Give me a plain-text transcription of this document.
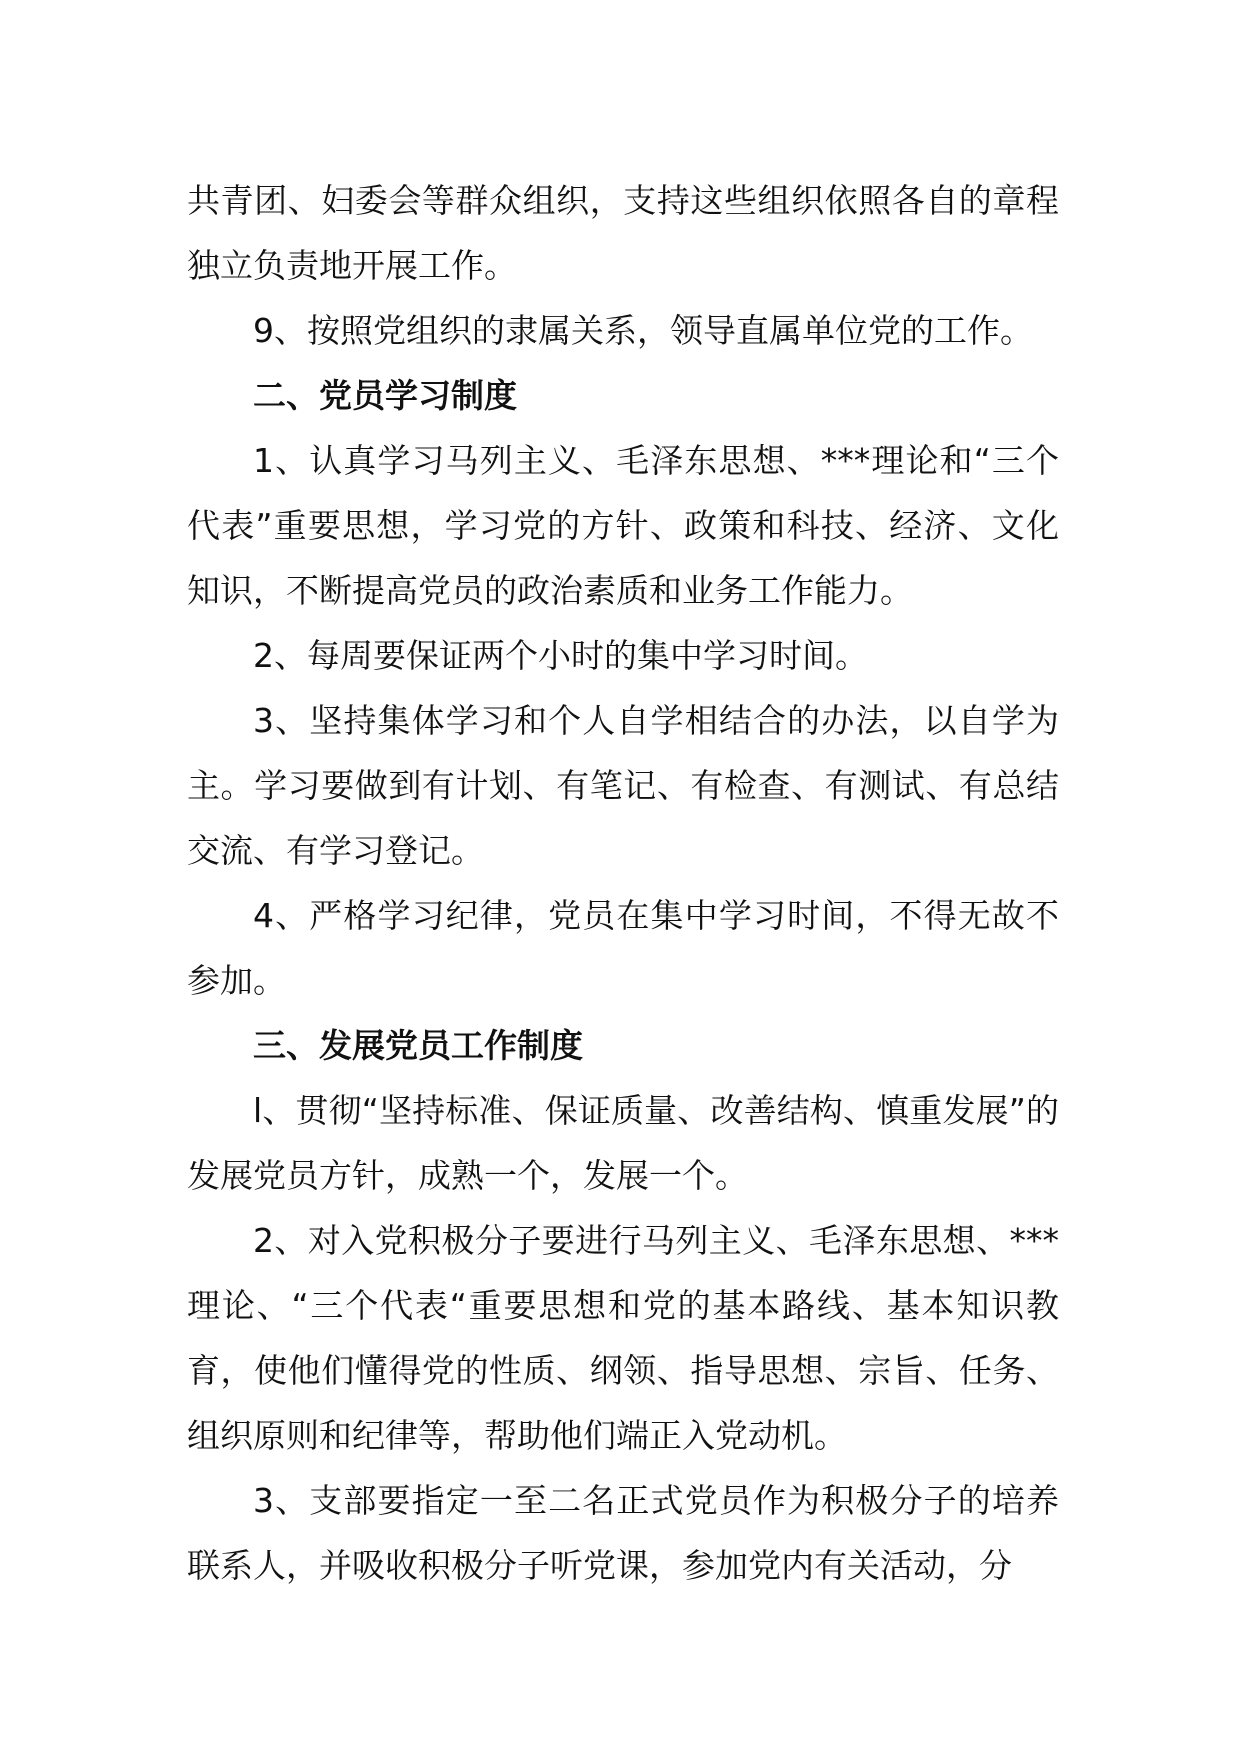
共青团、妇委会等群众组织，支持这些组织依照各自的章程独立负责地开展工作。

9、按照党组织的隶属关系，领导直属单位党的工作。

二、党员学习制度

1、认真学习马列主义、毛泽东思想、***理论和“三个代表”重要思想，学习党的方针、政策和科技、经济、文化知识，不断提高党员的政治素质和业务工作能力。

2、每周要保证两个小时的集中学习时间。

3、坚持集体学习和个人自学相结合的办法，以自学为主。学习要做到有计划、有笔记、有检查、有测试、有总结交流、有学习登记。

4、严格学习纪律，党员在集中学习时间，不得无故不参加。

三、发展党员工作制度

l、贯彻“坚持标准、保证质量、改善结构、慎重发展”的发展党员方针，成熟一个，发展一个。

2、对入党积极分子要进行马列主义、毛泽东思想、***理论、“三个代表“重要思想和党的基本路线、基本知识教育，使他们懂得党的性质、纲领、指导思想、宗旨、任务、组织原则和纪律等，帮助他们端正入党动机。

3、支部要指定一至二名正式党员作为积极分子的培养联系人，并吸收积极分子听党课，参加党内有关活动，分
